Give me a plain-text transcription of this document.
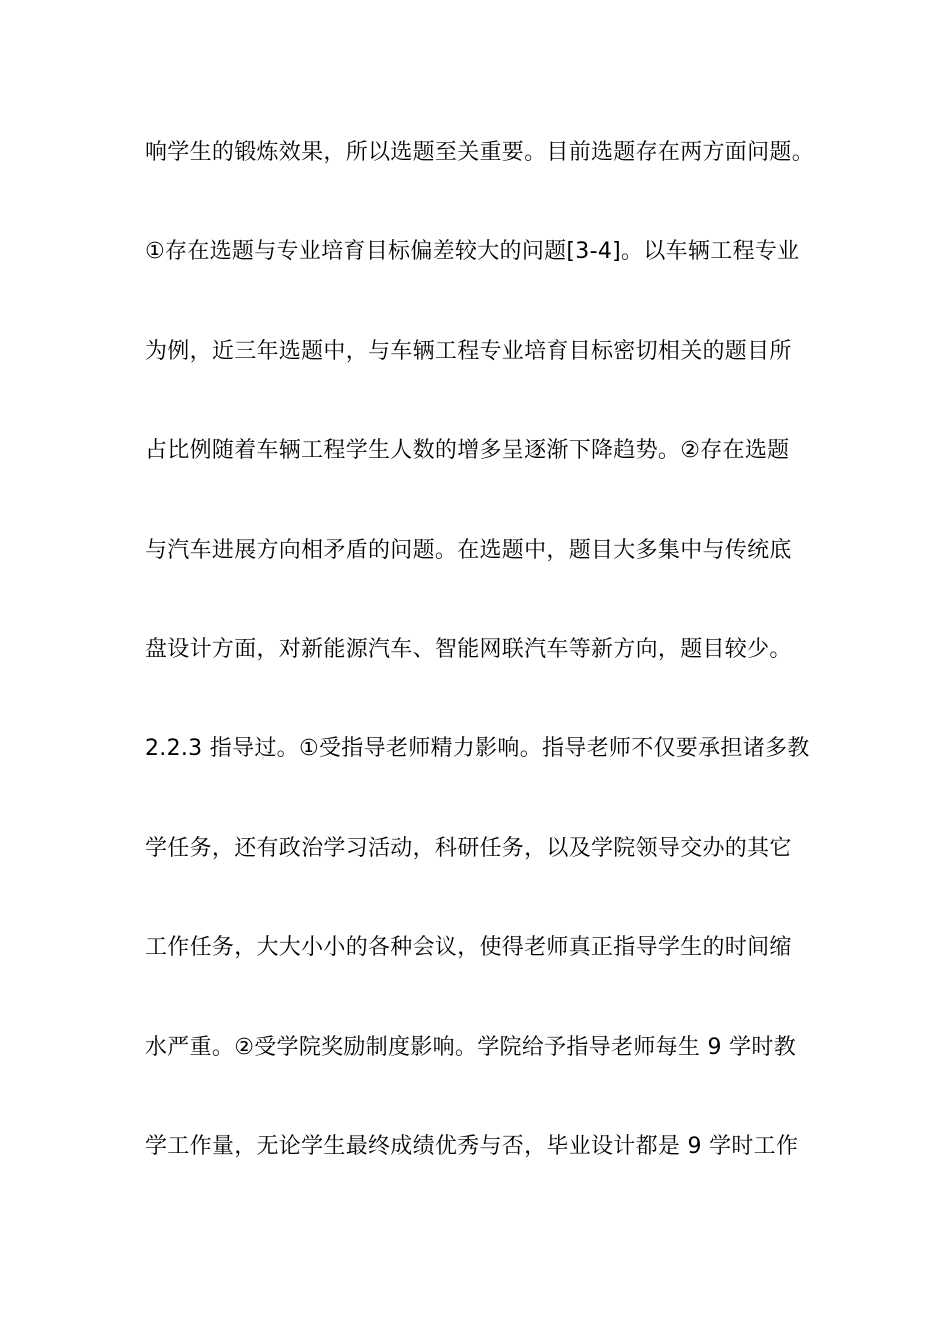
响学生的锻炼效果，所以选题至关重要。目前选题存在两方面问题。
①存在选题与专业培育目标偏差较大的问题[3-4]。以车辆工程专业
为例，近三年选题中，与车辆工程专业培育目标密切相关的题目所
占比例随着车辆工程学生人数的增多呈逐渐下降趋势。②存在选题
与汽车进展方向相矛盾的问题。在选题中，题目大多集中与传统底
盘设计方面，对新能源汽车、智能网联汽车等新方向，题目较少。
2.2.3 指导过。①受指导老师精力影响。指导老师不仅要承担诸多教
学任务，还有政治学习活动，科研任务，以及学院领导交办的其它
工作任务，大大小小的各种会议，使得老师真正指导学生的时间缩
水严重。②受学院奖励制度影响。学院给予指导老师每生 9 学时教
学工作量，无论学生最终成绩优秀与否，毕业设计都是 9 学时工作
